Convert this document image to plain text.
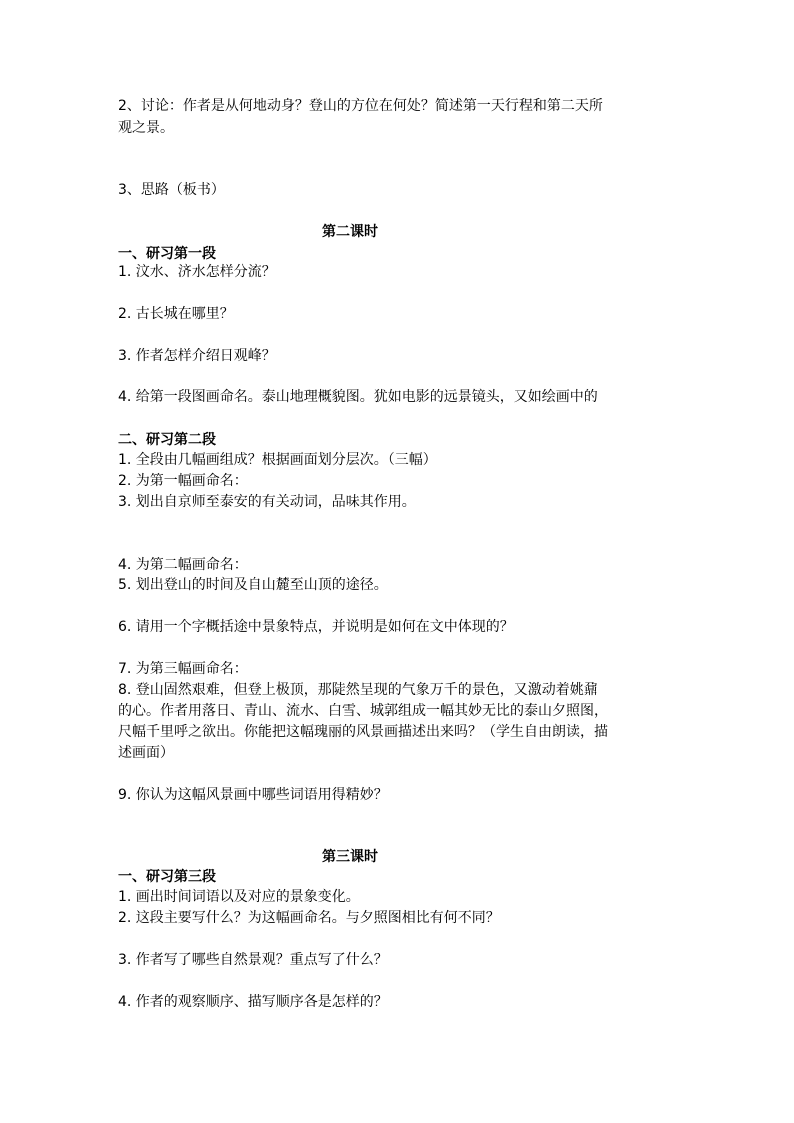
2、讨论：作者是从何地动身？登山的方位在何处？简述第一天行程和第二天所
观之景。
3、思路（板书）
第二课时
一、研习第一段
1. 汶水、济水怎样分流？
2. 古长城在哪里？
3. 作者怎样介绍日观峰？
4. 给第一段图画命名。泰山地理概貌图。犹如电影的远景镜头，又如绘画中的
二、研习第二段
1. 全段由几幅画组成？根据画面划分层次。（三幅）
2. 为第一幅画命名：
3. 划出自京师至泰安的有关动词，品味其作用。
4. 为第二幅画命名：
5. 划出登山的时间及自山麓至山顶的途径。
6. 请用一个字概括途中景象特点，并说明是如何在文中体现的？
7. 为第三幅画命名：
8. 登山固然艰难，但登上极顶，那陡然呈现的气象万千的景色，又激动着姚鼐
的心。作者用落日、青山、流水、白雪、城郭组成一幅其妙无比的泰山夕照图，
尺幅千里呼之欲出。你能把这幅瑰丽的风景画描述出来吗？（学生自由朗读，描
述画面）
9. 你认为这幅风景画中哪些词语用得精妙？
第三课时
一、研习第三段
1. 画出时间词语以及对应的景象变化。
2. 这段主要写什么？为这幅画命名。与夕照图相比有何不同？
3. 作者写了哪些自然景观？重点写了什么？
4. 作者的观察顺序、描写顺序各是怎样的？
